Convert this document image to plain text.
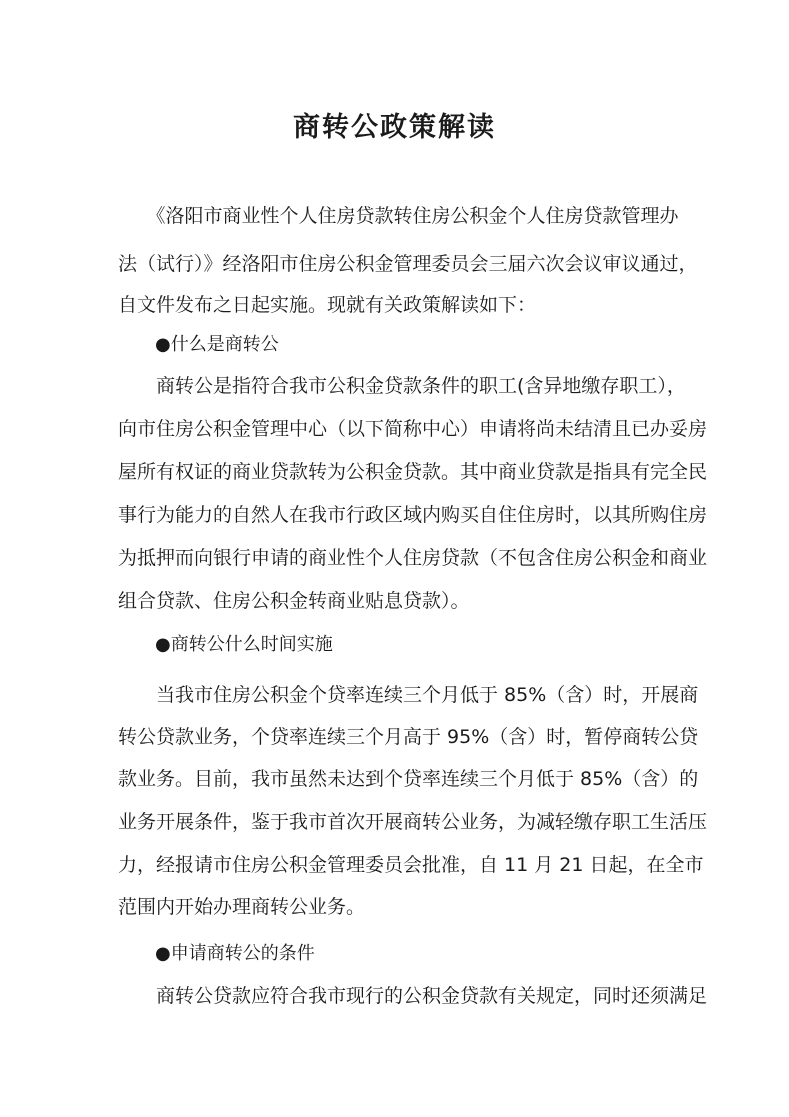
商转公政策解读
　　《洛阳市商业性个人住房贷款转住房公积金个人住房贷款管理办
法（试行）》经洛阳市住房公积金管理委员会三届六次会议审议通过，
自文件发布之日起实施。现就有关政策解读如下：
●什么是商转公
　　商转公是指符合我市公积金贷款条件的职工(含异地缴存职工），
向市住房公积金管理中心（以下简称中心）申请将尚未结清且已办妥房
屋所有权证的商业贷款转为公积金贷款。其中商业贷款是指具有完全民
事行为能力的自然人在我市行政区域内购买自住住房时，以其所购住房
为抵押而向银行申请的商业性个人住房贷款（不包含住房公积金和商业
组合贷款、住房公积金转商业贴息贷款）。
●商转公什么时间实施
　　当我市住房公积金个贷率连续三个月低于 85%（含）时，开展商
转公贷款业务，个贷率连续三个月高于 95%（含）时，暂停商转公贷
款业务。目前，我市虽然未达到个贷率连续三个月低于 85%（含）的
业务开展条件，鉴于我市首次开展商转公业务，为减轻缴存职工生活压
力，经报请市住房公积金管理委员会批准，自 11 月 21 日起，在全市
范围内开始办理商转公业务。
●申请商转公的条件
　　商转公贷款应符合我市现行的公积金贷款有关规定，同时还须满足
